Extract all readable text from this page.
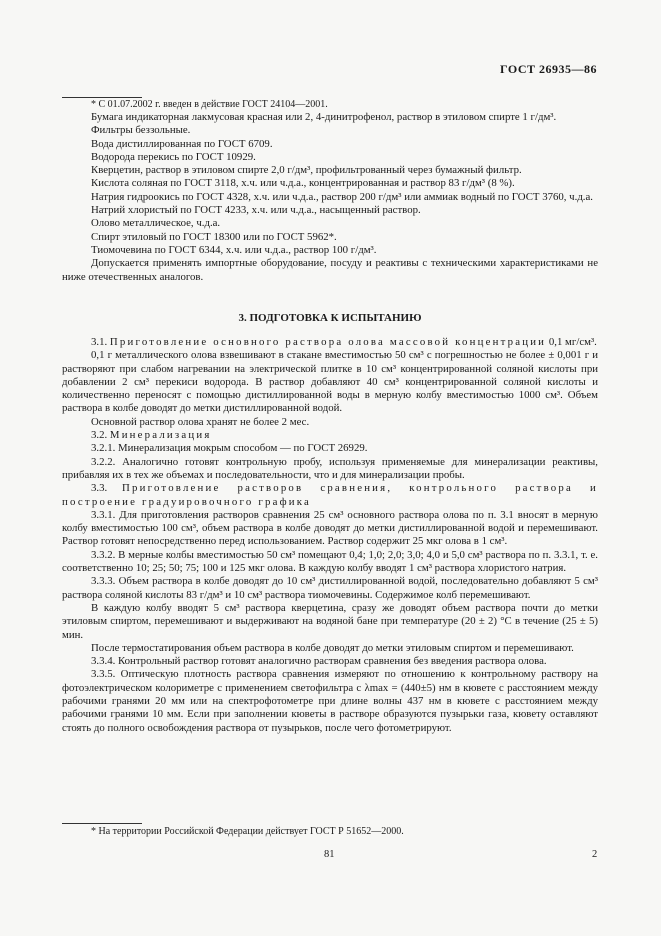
ГОСТ 26935—86

* С 01.07.2002 г. введен в действие ГОСТ 24104—2001.

Бумага индикаторная лакмусовая красная или 2, 4-динитрофенол, раствор в этиловом спирте 1 г/дм³.

Фильтры беззольные.

Вода дистиллированная по ГОСТ 6709.

Водорода перекись по ГОСТ 10929.

Кверцетин, раствор в этиловом спирте 2,0 г/дм³, профильтрованный через бумажный фильтр.

Кислота соляная по ГОСТ 3118, х.ч. или ч.д.а., концентрированная и раствор 83 г/дм³ (8 %).

Натрия гидроокись по ГОСТ 4328, х.ч. или ч.д.а., раствор 200 г/дм³ или аммиак водный по ГОСТ 3760, ч.д.а.

Натрий хлористый по ГОСТ 4233, х.ч. или ч.д.а., насыщенный раствор.

Олово металлическое, ч.д.а.

Спирт этиловый по ГОСТ 18300 или по ГОСТ 5962*.

Тиомочевина по ГОСТ 6344, х.ч. или ч.д.а., раствор 100 г/дм³.

Допускается применять импортные оборудование, посуду и реактивы с техническими характеристиками не ниже отечественных аналогов.

3. ПОДГОТОВКА К ИСПЫТАНИЮ

3.1. Приготовление основного раствора олова массовой концентрации 0,1 мг/см³.

0,1 г металлического олова взвешивают в стакане вместимостью 50 см³ с погрешностью не более ± 0,001 г и растворяют при слабом нагревании на электрической плитке в 10 см³ концентрированной соляной кислоты при добавлении 2 см³ перекиси водорода. В раствор добавляют 40 см³ концентрированной соляной кислоты и количественно переносят с помощью дистиллированной воды в мерную колбу вместимостью 1000 см³. Объем раствора в колбе доводят до метки дистиллированной водой.

Основной раствор олова хранят не более 2 мес.

3.2. Минерализация

3.2.1. Минерализация мокрым способом — по ГОСТ 26929.

3.2.2. Аналогично готовят контрольную пробу, используя применяемые для минерализации реактивы, прибавляя их в тех же объемах и последовательности, что и для минерализации пробы.

3.3. Приготовление растворов сравнения, контрольного раствора и построение градуировочного графика

3.3.1. Для приготовления растворов сравнения 25 см³ основного раствора олова по п. 3.1 вносят в мерную колбу вместимостью 100 см³, объем раствора в колбе доводят до метки дистиллированной водой и перемешивают. Раствор готовят непосредственно перед использованием. Раствор содержит 25 мкг олова в 1 см³.

3.3.2. В мерные колбы вместимостью 50 см³ помещают 0,4; 1,0; 2,0; 3,0; 4,0 и 5,0 см³ раствора по п. 3.3.1, т. е. соответственно 10; 25; 50; 75; 100 и 125 мкг олова. В каждую колбу вводят 1 см³ раствора хлористого натрия.

3.3.3. Объем раствора в колбе доводят до 10 см³ дистиллированной водой, последовательно добавляют 5 см³ раствора соляной кислоты 83 г/дм³ и 10 см³ раствора тиомочевины. Содержимое колб перемешивают.

В каждую колбу вводят 5 см³ раствора кверцетина, сразу же доводят объем раствора почти до метки этиловым спиртом, перемешивают и выдерживают на водяной бане при температуре (20 ± 2) °С в течение (25 ± 5) мин.

После термостатирования объем раствора в колбе доводят до метки этиловым спиртом и перемешивают.

3.3.4. Контрольный раствор готовят аналогично растворам сравнения без введения раствора олова.

3.3.5. Оптическую плотность раствора сравнения измеряют по отношению к контрольному раствору на фотоэлектрическом колориметре с применением светофильтра с λmax = (440±5) нм в кювете с расстоянием между рабочими гранями 20 мм или на спектрофотометре при длине волны 437 нм в кювете с расстоянием между рабочими гранями 10 мм. Если при заполнении кюветы в растворе образуются пузырьки газа, кювету оставляют стоять до полного освобождения раствора от пузырьков, после чего фотометрируют.

* На территории Российской Федерации действует ГОСТ Р 51652—2000.

81	2
